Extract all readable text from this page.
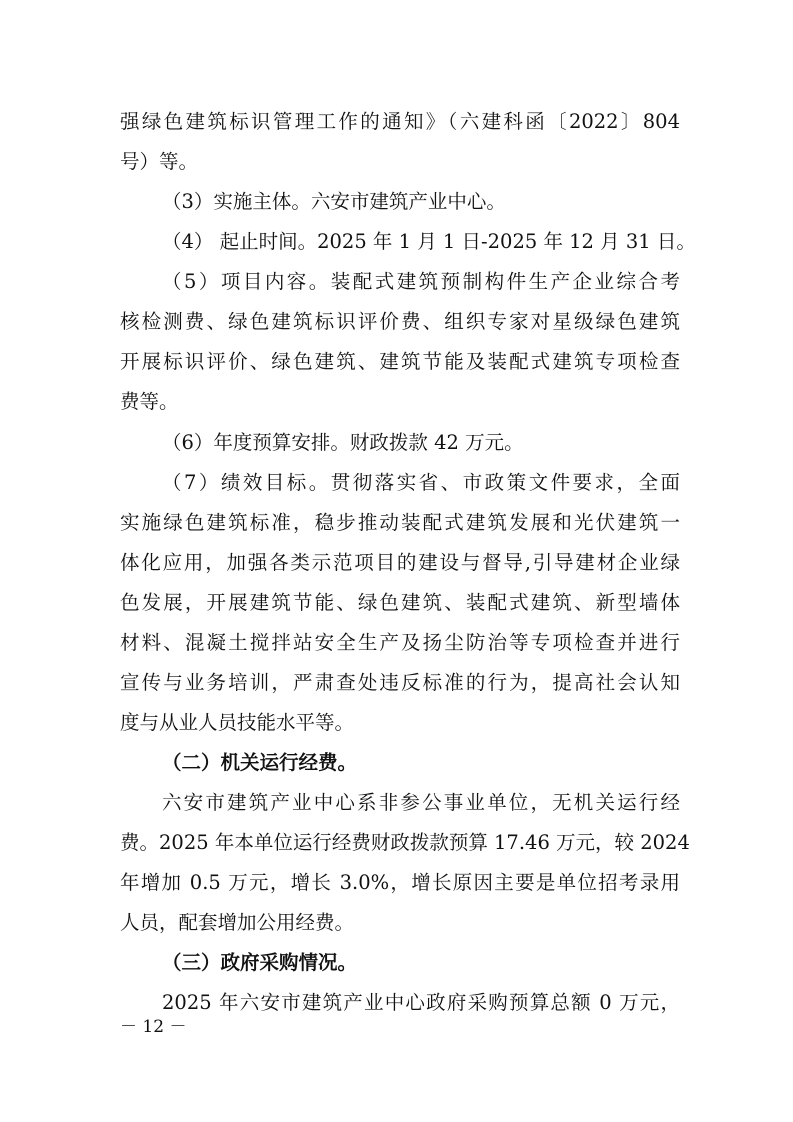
强绿色建筑标识管理工作的通知》（六建科函〔2022〕804
号）等。
（3）实施主体。六安市建筑产业中心。
（4） 起止时间。2025 年 1 月 1 日-2025 年 12 月 31 日。
（5）项目内容。装配式建筑预制构件生产企业综合考
核检测费、绿色建筑标识评价费、组织专家对星级绿色建筑
开展标识评价、绿色建筑、建筑节能及装配式建筑专项检查
费等。
（6）年度预算安排。财政拨款 42 万元。
（7）绩效目标。贯彻落实省、市政策文件要求，全面
实施绿色建筑标准，稳步推动装配式建筑发展和光伏建筑一
体化应用，加强各类示范项目的建设与督导,引导建材企业绿
色发展，开展建筑节能、绿色建筑、装配式建筑、新型墙体
材料、混凝土搅拌站安全生产及扬尘防治等专项检查并进行
宣传与业务培训，严肃查处违反标准的行为，提高社会认知
度与从业人员技能水平等。
（二）机关运行经费。
六安市建筑产业中心系非参公事业单位，无机关运行经
费。2025 年本单位运行经费财政拨款预算 17.46 万元，较 2024
年增加 0.5 万元，增长 3.0%，增长原因主要是单位招考录用
人员，配套增加公用经费。
（三）政府采购情况。
2025 年六安市建筑产业中心政府采购预算总额 0 万元，
－ 12 －
